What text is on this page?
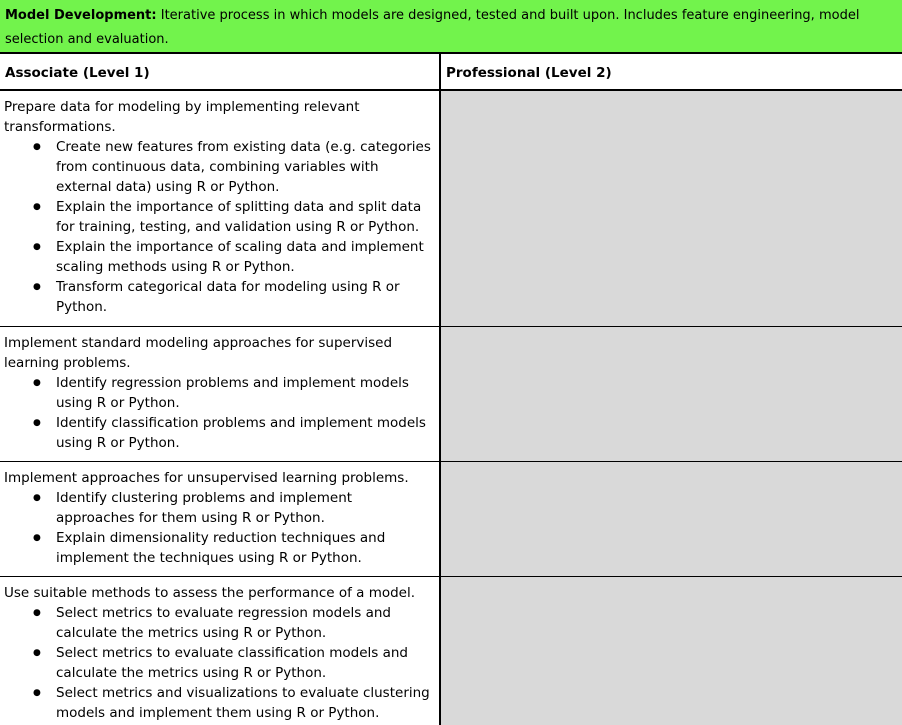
Model Development: Iterative process in which models are designed, tested and built upon. Includes feature engineering, model selection and evaluation.
Associate (Level 1)	Professional (Level 2)

Prepare data for modeling by implementing relevant transformations.

● Create new features from existing data (e.g. categories from continuous data, combining variables with external data) using R or Python.
● Explain the importance of splitting data and split data for training, testing, and validation using R or Python.
● Explain the importance of scaling data and implement scaling methods using R or Python.
● Transform categorical data for modeling using R or Python.

Implement standard modeling approaches for supervised learning problems.

● Identify regression problems and implement models using R or Python.
● Identify classification problems and implement models using R or Python.

Implement approaches for unsupervised learning problems.

● Identify clustering problems and implement approaches for them using R or Python.
● Explain dimensionality reduction techniques and implement the techniques using R or Python.

Use suitable methods to assess the performance of a model.

● Select metrics to evaluate regression models and calculate the metrics using R or Python.
● Select metrics to evaluate classification models and calculate the metrics using R or Python.
● Select metrics and visualizations to evaluate clustering models and implement them using R or Python.
